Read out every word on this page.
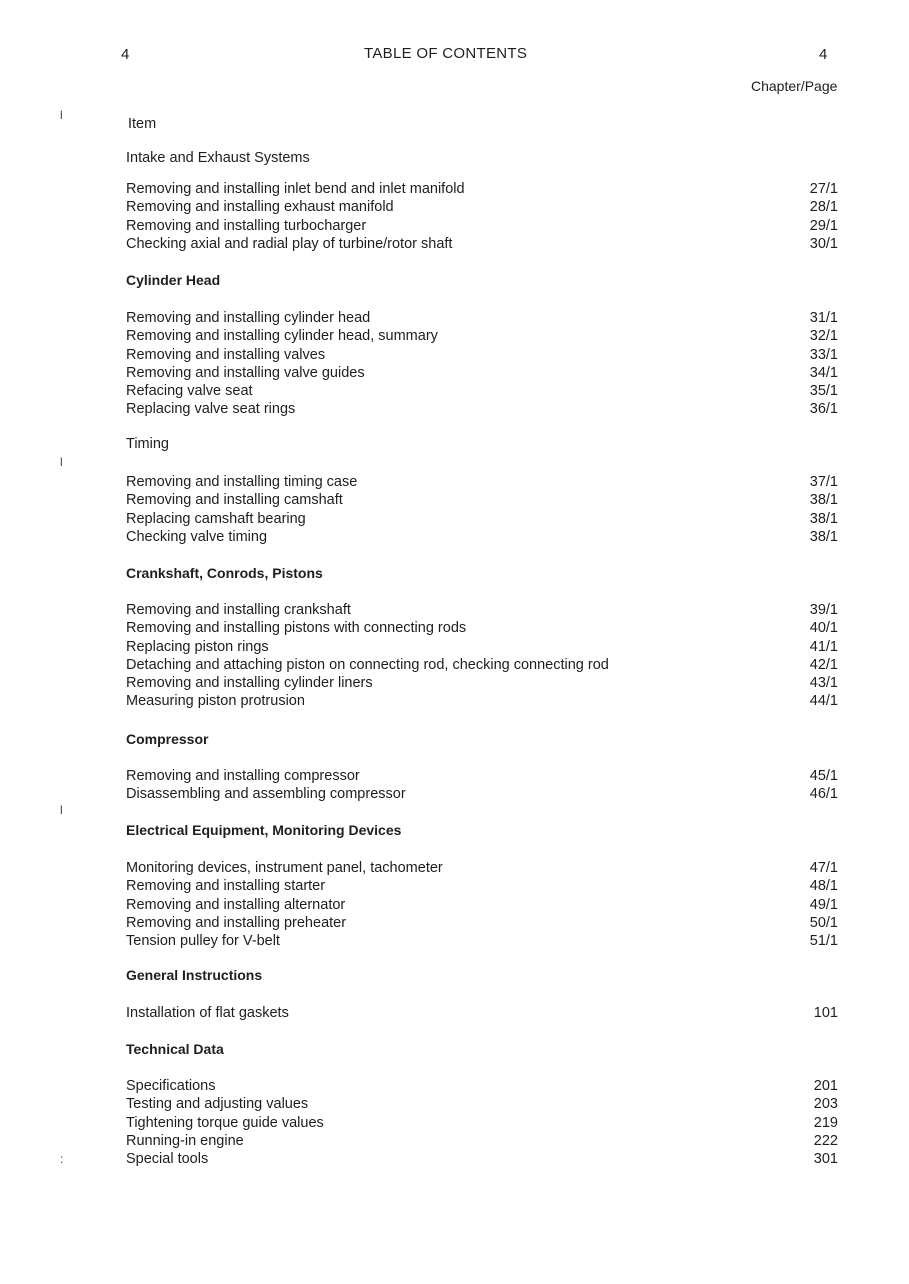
4	TABLE OF CONTENTS	4
Chapter/Page
Item
l
l
l
:
Intake and Exhaust Systems
Removing and installing inlet bend and inlet manifold	27/1
Removing and installing exhaust manifold	28/1
Removing and installing turbocharger	29/1
Checking axial and radial play of turbine/rotor shaft	30/1
Cylinder Head
Removing and installing cylinder head	31/1
Removing and installing cylinder head, summary	32/1
Removing and installing valves	33/1
Removing and installing valve guides	34/1
Refacing valve seat	35/1
Replacing valve seat rings	36/1
Timing
Removing and installing timing case	37/1
Removing and installing camshaft	38/1
Replacing camshaft bearing	38/1
Checking valve timing	38/1
Crankshaft, Conrods, Pistons
Removing and installing crankshaft	39/1
Removing and installing pistons with connecting rods	40/1
Replacing piston rings	41/1
Detaching and attaching piston on connecting rod, checking connecting rod	42/1
Removing and installing cylinder liners	43/1
Measuring piston protrusion	44/1
Compressor
Removing and installing compressor	45/1
Disassembling and assembling compressor	46/1
Electrical Equipment, Monitoring Devices
Monitoring devices, instrument panel, tachometer	47/1
Removing and installing starter	48/1
Removing and installing alternator	49/1
Removing and installing preheater	50/1
Tension pulley for V-belt	51/1
General Instructions
Installation of flat gaskets	101
Technical Data
Specifications	201
Testing and adjusting values	203
Tightening torque guide values	219
Running-in engine	222
Special tools	301
